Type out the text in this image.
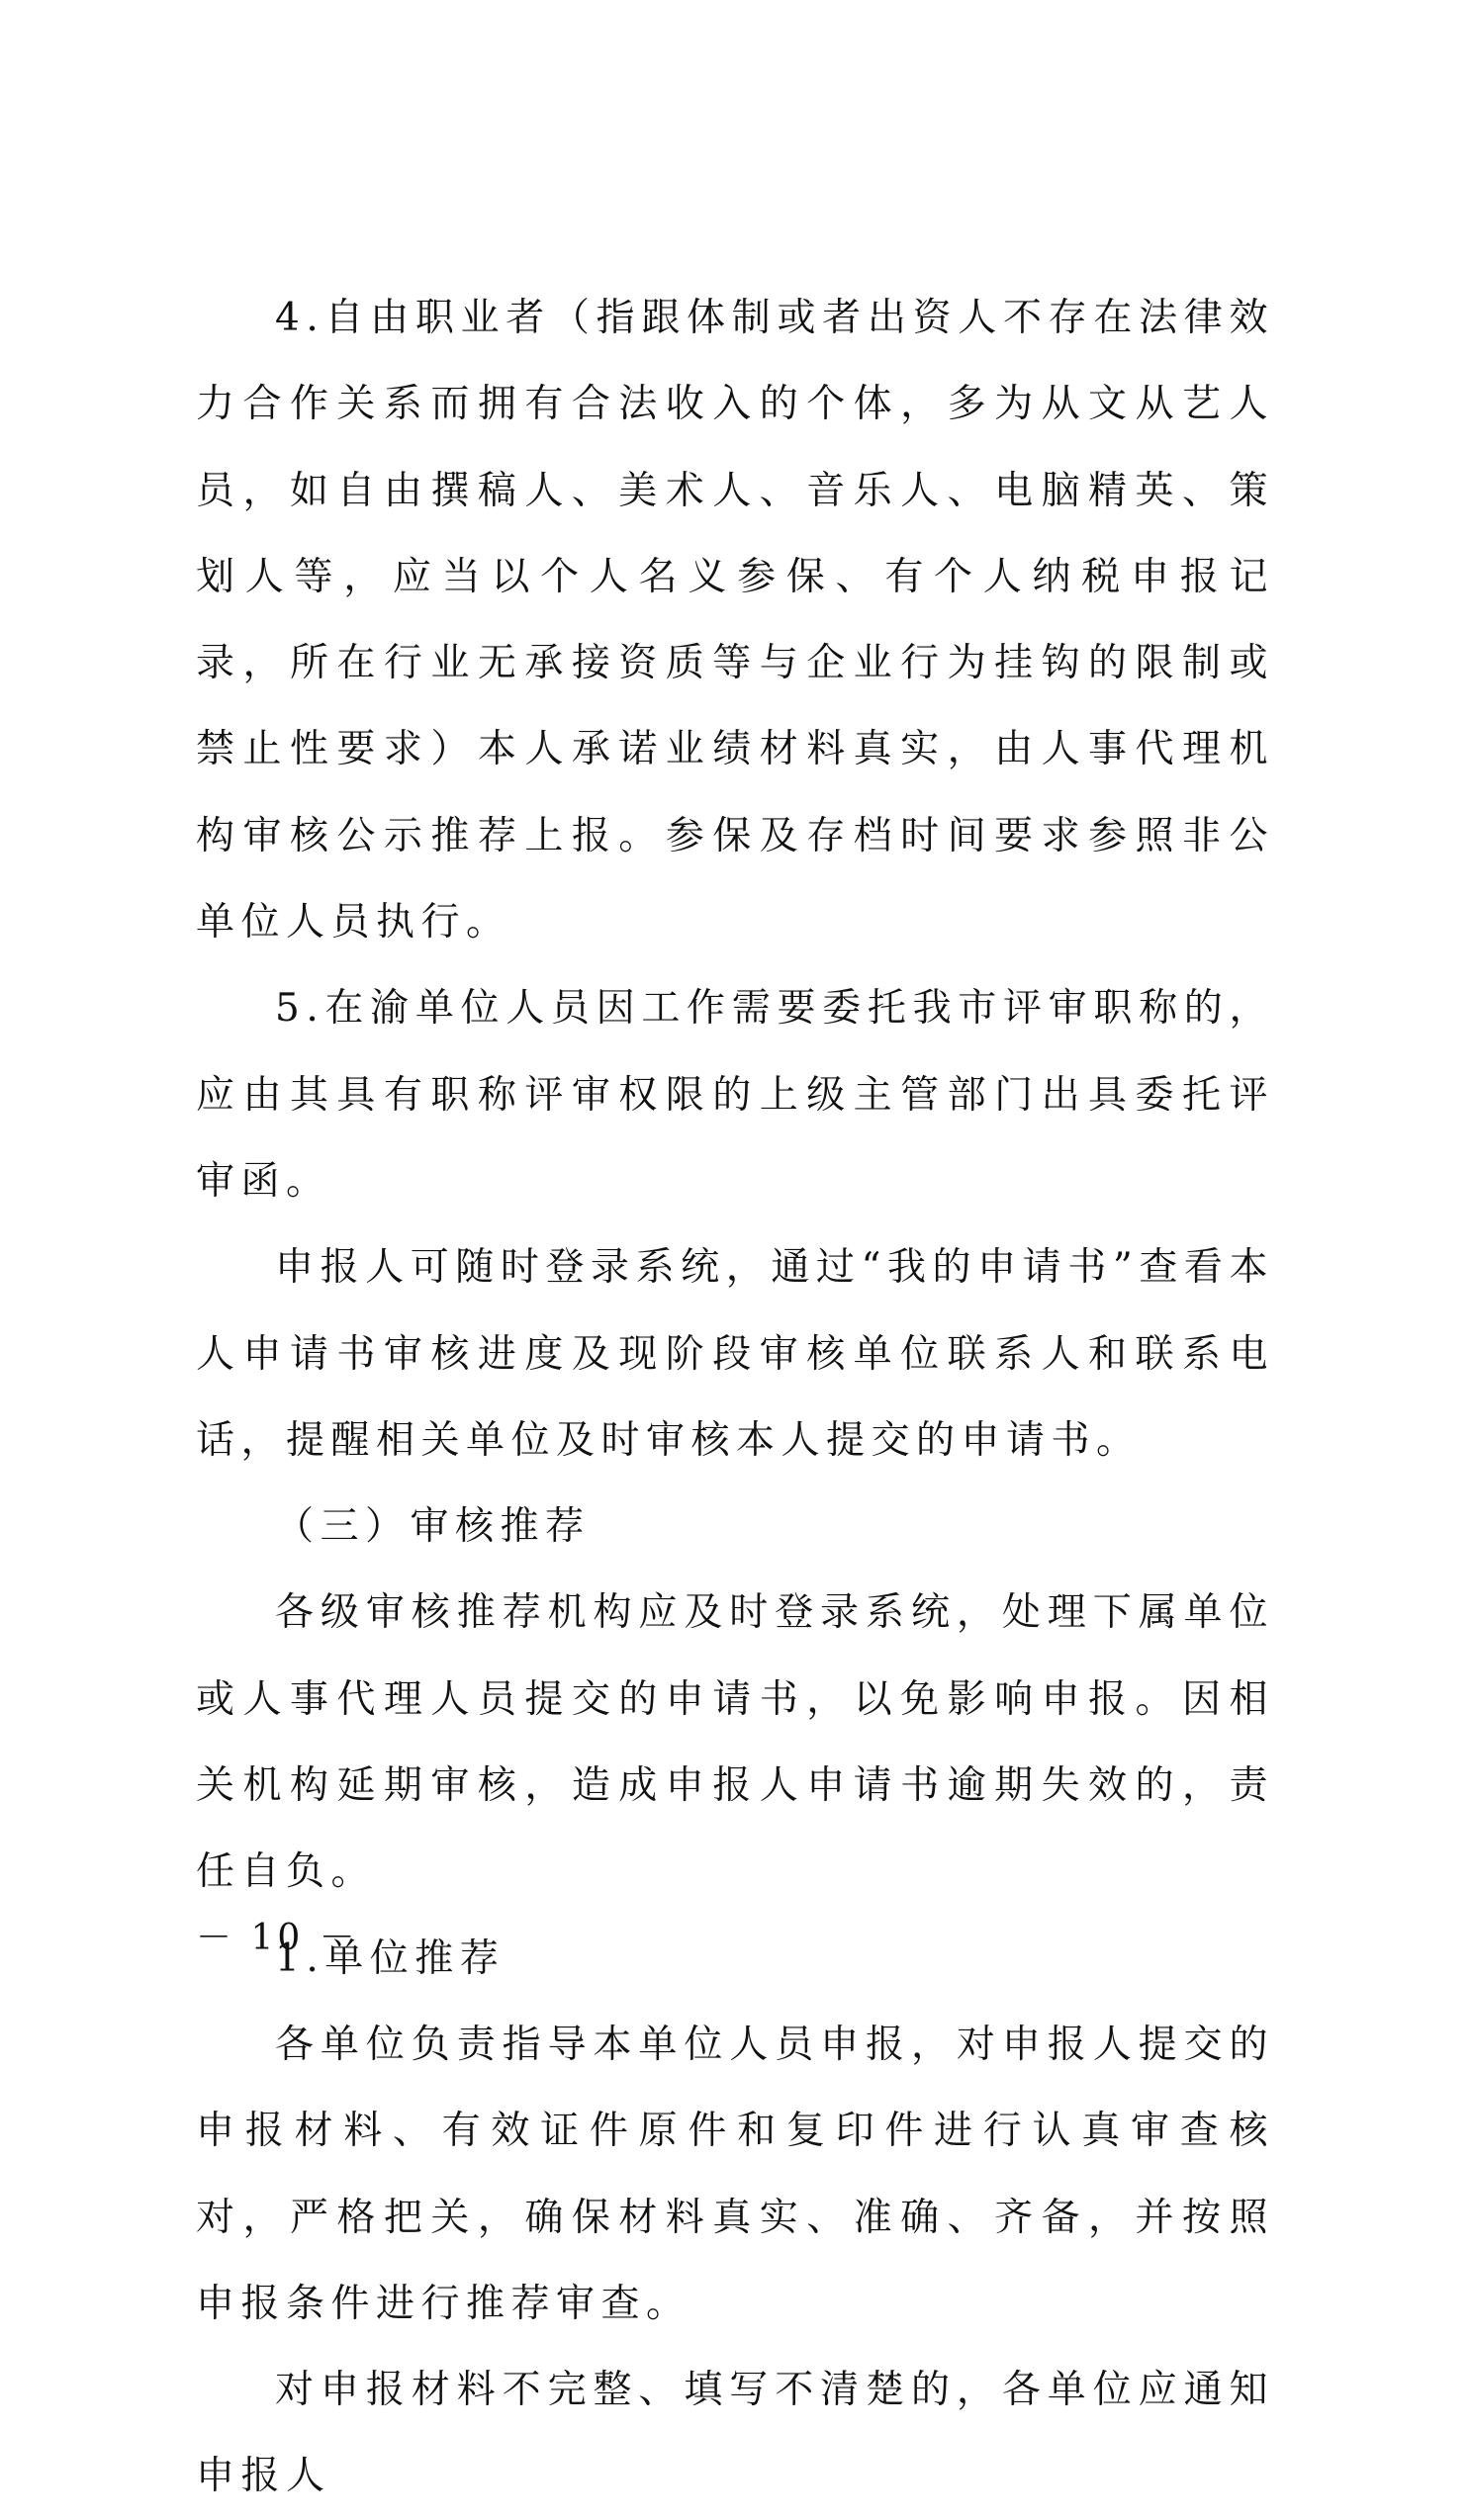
4.自由职业者（指跟体制或者出资人不存在法律效力合作关系而拥有合法收入的个体，多为从文从艺人员，如自由撰稿人、美术人、音乐人、电脑精英、策划人等，应当以个人名义参保、有个人纳税申报记录，所在行业无承接资质等与企业行为挂钩的限制或禁止性要求）本人承诺业绩材料真实，由人事代理机构审核公示推荐上报。参保及存档时间要求参照非公单位人员执行。

5.在渝单位人员因工作需要委托我市评审职称的，应由其具有职称评审权限的上级主管部门出具委托评审函。

申报人可随时登录系统，通过“我的申请书”查看本人申请书审核进度及现阶段审核单位联系人和联系电话，提醒相关单位及时审核本人提交的申请书。

（三）审核推荐

各级审核推荐机构应及时登录系统，处理下属单位或人事代理人员提交的申请书，以免影响申报。因相关机构延期审核，造成申报人申请书逾期失效的，责任自负。

1.单位推荐

各单位负责指导本单位人员申报，对申报人提交的申报材料、有效证件原件和复印件进行认真审查核对，严格把关，确保材料真实、准确、齐备，并按照申报条件进行推荐审查。

对申报材料不完整、填写不清楚的，各单位应通知申报人

－ 10 －
